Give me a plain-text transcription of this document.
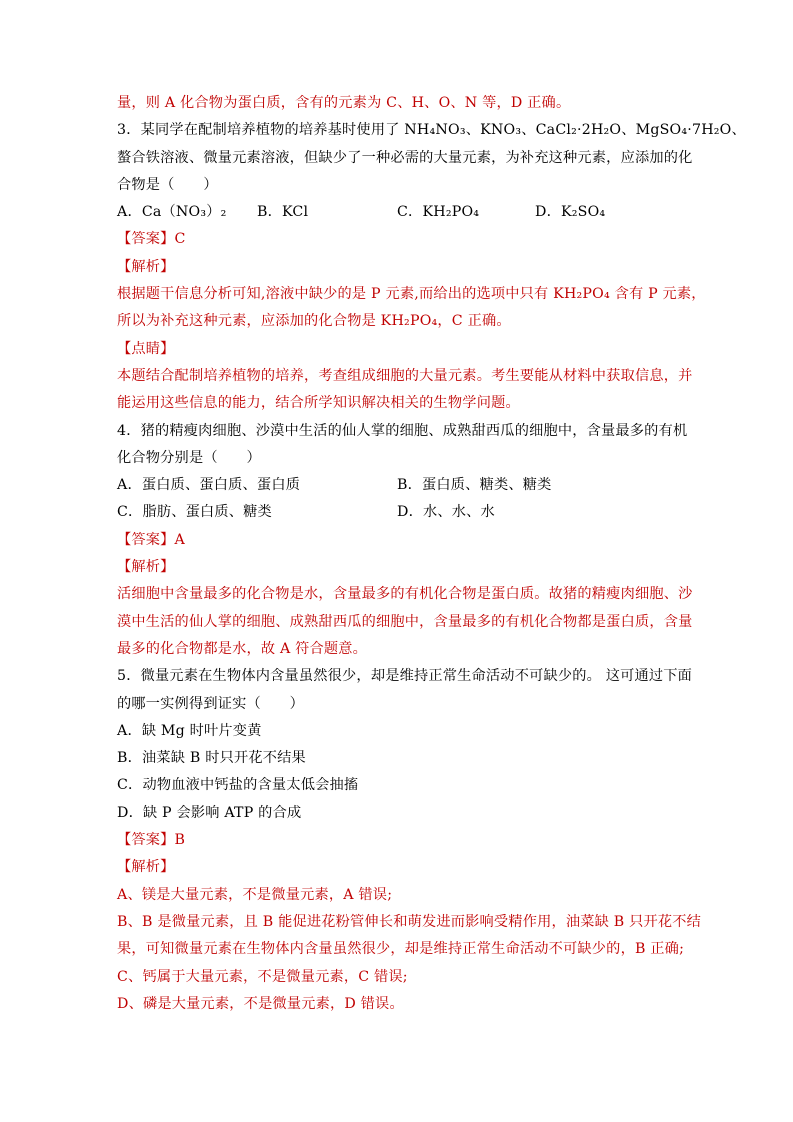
量，则 A 化合物为蛋白质，含有的元素为 C、H、O、N 等，D 正确。
3．某同学在配制培养植物的培养基时使用了 NH₄NO₃、KNO₃、CaCl₂·2H₂O、MgSO₄·7H₂O、
螯合铁溶液、微量元素溶液，但缺少了一种必需的大量元素，为补充这种元素，应添加的化
合物是（　　）
A．Ca（NO₃）₂	B．KCl	C．KH₂PO₄	D．K₂SO₄
【答案】C
【解析】
根据题干信息分析可知,溶液中缺少的是 P 元素,而给出的选项中只有 KH₂PO₄ 含有 P 元素，
所以为补充这种元素，应添加的化合物是 KH₂PO₄，C 正确。
【点睛】
本题结合配制培养植物的培养，考查组成细胞的大量元素。考生要能从材料中获取信息，并
能运用这些信息的能力，结合所学知识解决相关的生物学问题。
4．猪的精瘦肉细胞、沙漠中生活的仙人掌的细胞、成熟甜西瓜的细胞中，含量最多的有机
化合物分别是（　　）
A．蛋白质、蛋白质、蛋白质	B．蛋白质、糖类、糖类
C．脂肪、蛋白质、糖类	D．水、水、水
【答案】A
【解析】
活细胞中含量最多的化合物是水，含量最多的有机化合物是蛋白质。故猪的精瘦肉细胞、沙
漠中生活的仙人掌的细胞、成熟甜西瓜的细胞中，含量最多的有机化合物都是蛋白质，含量
最多的化合物都是水，故 A 符合题意。
5．微量元素在生物体内含量虽然很少，却是维持正常生命活动不可缺少的。 这可通过下面
的哪一实例得到证实（　　）
A．缺 Mg 时叶片变黄
B．油菜缺 B 时只开花不结果
C．动物血液中钙盐的含量太低会抽搐
D．缺 P 会影响 ATP 的合成
【答案】B
【解析】
A、镁是大量元素，不是微量元素，A 错误;
B、B 是微量元素，且 B 能促进花粉管伸长和萌发进而影响受精作用，油菜缺 B 只开花不结
果，可知微量元素在生物体内含量虽然很少，却是维持正常生命活动不可缺少的，B 正确;
C、钙属于大量元素，不是微量元素，C 错误;
D、磷是大量元素，不是微量元素，D 错误。
